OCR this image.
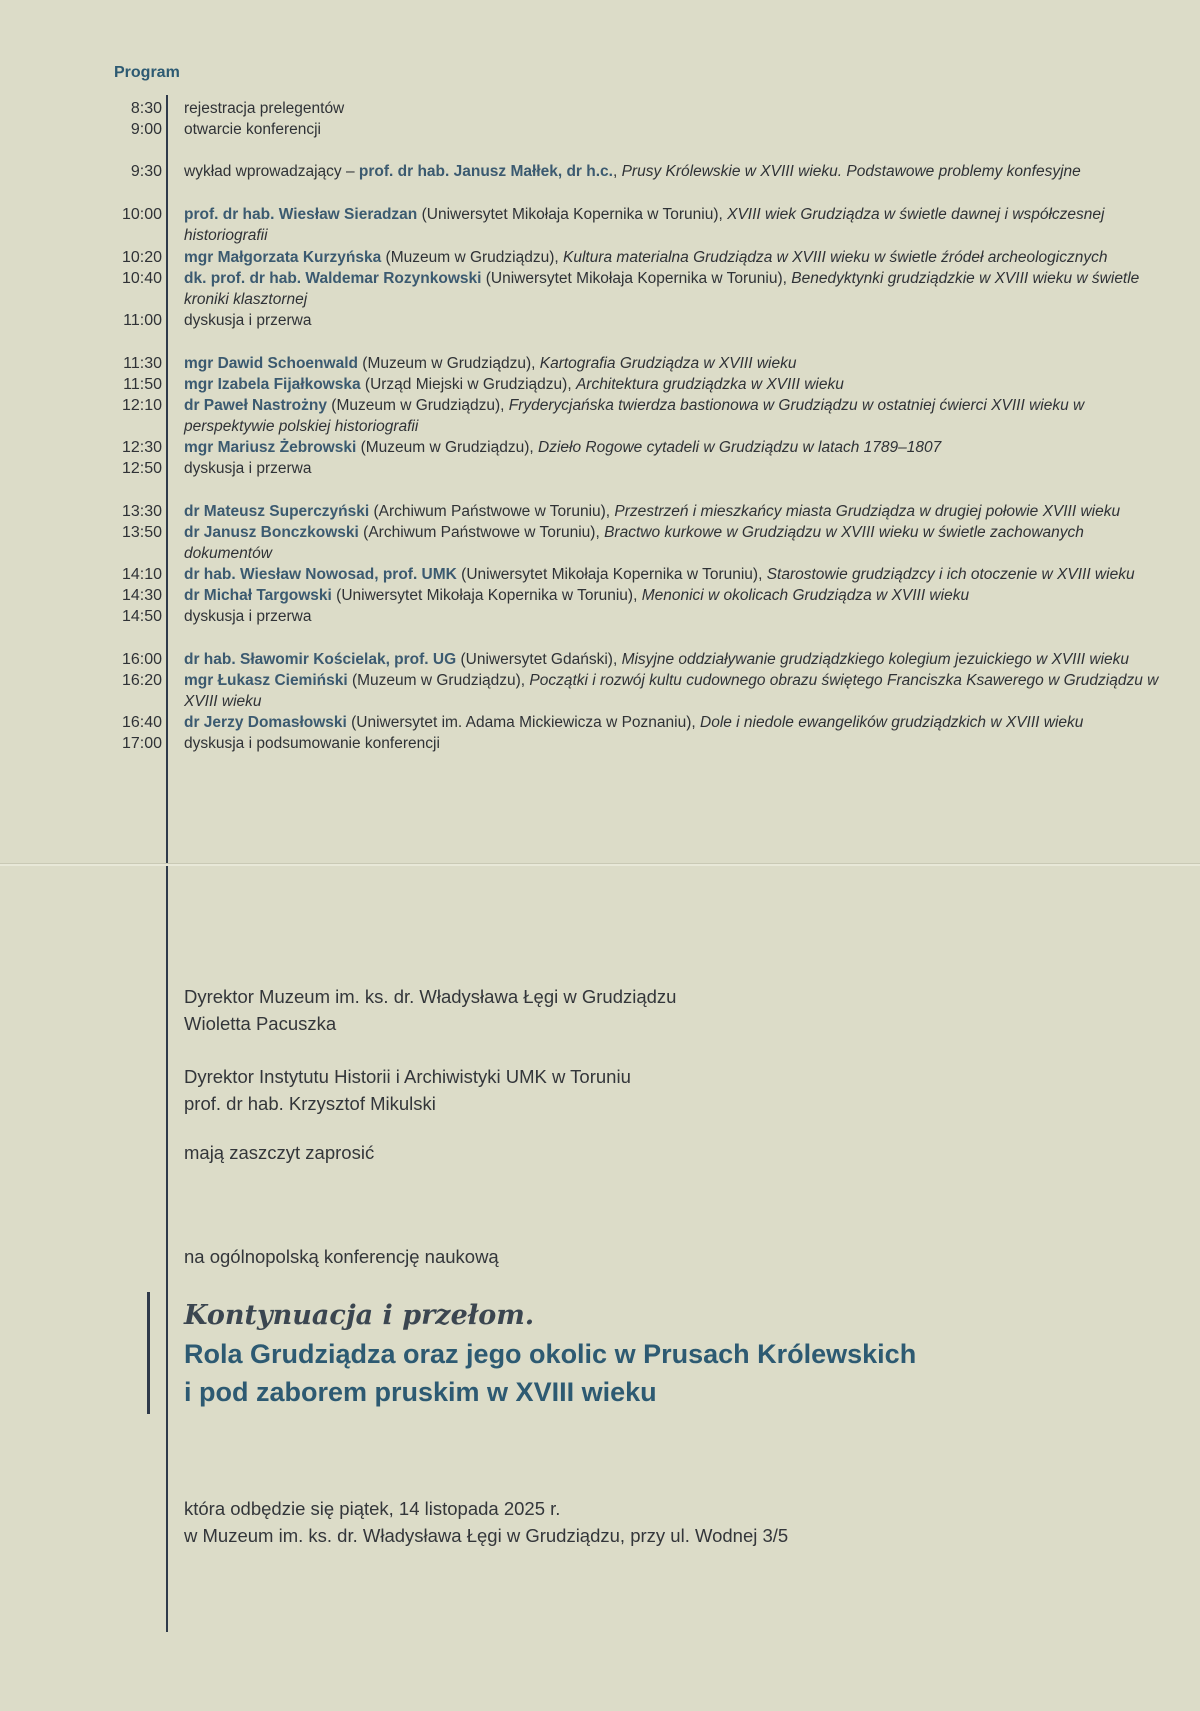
Program
8:30 rejestracja prelegentów
9:00 otwarcie konferencji
9:30 wykład wprowadzający – prof. dr hab. Janusz Małłek, dr h.c., Prusy Królewskie w XVIII wieku. Podstawowe problemy konfesyjne
10:00 prof. dr hab. Wiesław Sieradzan (Uniwersytet Mikołaja Kopernika w Toruniu), XVIII wiek Grudziądza w świetle dawnej i współczesnej historiografii
10:20 mgr Małgorzata Kurzyńska (Muzeum w Grudziądzu), Kultura materialna Grudziądza w XVIII wieku w świetle źródeł archeologicznych
10:40 dk. prof. dr hab. Waldemar Rozynkowski (Uniwersytet Mikołaja Kopernika w Toruniu), Benedyktynki grudziądzkie w XVIII wieku w świetle kroniki klasztornej
11:00 dyskusja i przerwa
11:30 mgr Dawid Schoenwald (Muzeum w Grudziądzu), Kartografia Grudziądza w XVIII wieku
11:50 mgr Izabela Fijałkowska (Urząd Miejski w Grudziądzu), Architektura grudziądzka w XVIII wieku
12:10 dr Paweł Nastrożny (Muzeum w Grudziądzu), Fryderycjańska twierdza bastionowa w Grudziądzu w ostatniej ćwierci XVIII wieku w perspektywie polskiej historiografii
12:30 mgr Mariusz Żebrowski (Muzeum w Grudziądzu), Dzieło Rogowe cytadeli w Grudziądzu w latach 1789–1807
12:50 dyskusja i przerwa
13:30 dr Mateusz Superczyński (Archiwum Państwowe w Toruniu), Przestrzeń i mieszkańcy miasta Grudziądza w drugiej połowie XVIII wieku
13:50 dr Janusz Bonczkowski (Archiwum Państwowe w Toruniu), Bractwo kurkowe w Grudziądzu w XVIII wieku w świetle zachowanych dokumentów
14:10 dr hab. Wiesław Nowosad, prof. UMK (Uniwersytet Mikołaja Kopernika w Toruniu), Starostowie grudziądzcy i ich otoczenie w XVIII wieku
14:30 dr Michał Targowski (Uniwersytet Mikołaja Kopernika w Toruniu), Menonici w okolicach Grudziądza w XVIII wieku
14:50 dyskusja i przerwa
16:00 dr hab. Sławomir Kościelak, prof. UG (Uniwersytet Gdański), Misyjne oddziaływanie grudziądzkiego kolegium jezuickiego w XVIII wieku
16:20 mgr Łukasz Ciemiński (Muzeum w Grudziądzu), Początki i rozwój kultu cudownego obrazu świętego Franciszka Ksawerego w Grudziądzu w XVIII wieku
16:40 dr Jerzy Domasłowski (Uniwersytet im. Adama Mickiewicza w Poznaniu), Dole i niedole ewangelików grudziądzkich w XVIII wieku
17:00 dyskusja i podsumowanie konferencji
Dyrektor Muzeum im. ks. dr. Władysława Łęgi w Grudziądzu
Wioletta Pacuszka
Dyrektor Instytutu Historii i Archiwistyki UMK w Toruniu
prof. dr hab. Krzysztof Mikulski
mają zaszczyt zaprosić
na ogólnopolską konferencję naukową
Kontynuacja i przełom.
Rola Grudziądza oraz jego okolic w Prusach Królewskich
i pod zaborem pruskim w XVIII wieku
która odbędzie się piątek, 14 listopada 2025 r.
w Muzeum im. ks. dr. Władysława Łęgi w Grudziądzu, przy ul. Wodnej 3/5
